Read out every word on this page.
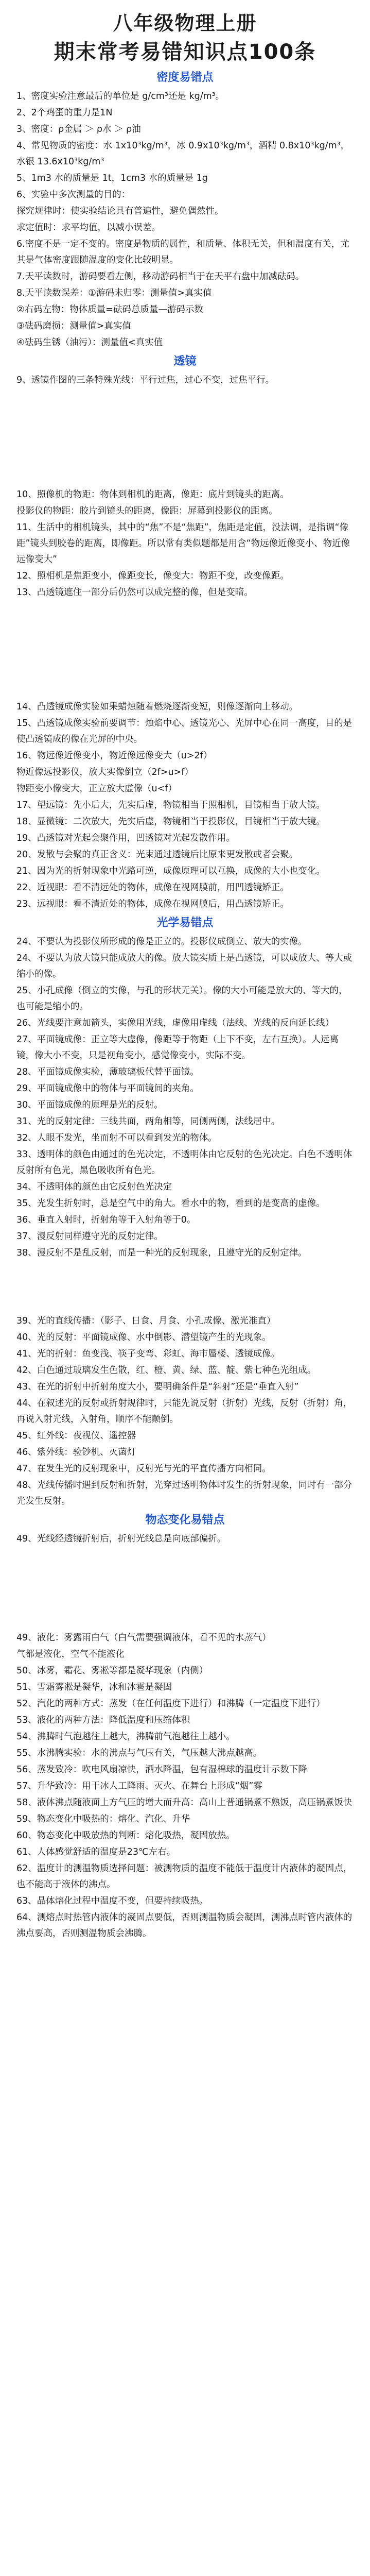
八年级物理上册
期末常考易错知识点100条
密度易错点
1、密度实验注意最后的单位是 g/cm³还是 kg/m³。
2、2个鸡蛋的重力是1N
3、密度：ρ金属 ＞ ρ水 ＞ ρ油
4、常见物质的密度：水 1x10³kg/m³，冰 0.9x10³kg/m³，酒精 0.8x10³kg/m³，水银 13.6x10³kg/m³
5、1m3 水的质量是 1t，1cm3 水的质量是 1g
6、实验中多次测量的目的：
探究规律时：使实验结论具有普遍性，避免偶然性。
求定值时：求平均值，以减小误差。
6.密度不是一定不变的。密度是物质的属性，和质量、体积无关，但和温度有关，尤其是气体密度跟随温度的变化比较明显。
7.天平读数时，游码要看左侧，移动游码相当于在天平右盘中加减砝码。
8.天平读数误差：①游码未归零：测量值>真实值
②右码左物：物体质量=砝码总质量—游码示数
③砝码磨损：测量值>真实值
④砝码生锈（油污）：测量值<真实值
透镜
9、透镜作图的三条特殊光线：平行过焦，过心不变，过焦平行。
10、照像机的物距：物体到相机的距离，像距：底片到镜头的距离。
投影仪的物距：胶片到镜头的距离，像距：屏幕到投影仪的距离。
11、生活中的相机镜头，其中的“焦”不是“焦距”，焦距是定值，没法调，是指调“像距”镜头到胶卷的距离，即像距。所以常有类似题都是用含“物远像近像变小、物近像远像变大”
12、照相机是焦距变小，像距变长，像变大：物距不变，改变像距。
13、凸透镜遮住一部分后仍然可以成完整的像，但是变暗。
14、凸透镜成像实验如果蜡烛随着燃烧逐渐变短，则像逐渐向上移动。
15、凸透镜成像实验前要调节：烛焰中心、透镜光心、光屏中心在同一高度，目的是使凸透镜成的像在光屏的中央。
16、物远像近像变小，物近像远像变大（u>2f）
物近像远投影仪，放大实像倒立（2f>u>f）
物距变小像变大，正立放大虚像（u<f）
17、望远镜：先小后大，先实后虚，物镜相当于照相机，目镜相当于放大镜。
18、显微镜：二次放大，先实后虚，物镜相当于投影仪，目镜相当于放大镜。
19、凸透镜对光起会聚作用，凹透镜对光起发散作用。
20、发散与会聚的真正含义：光束通过透镜后比原来更发散或者会聚。
21、因为光的折射现象中光路可逆，成像原理可以互换，成像的大小也变化。
22、近视眼：看不清远处的物体，成像在视网膜前，用凹透镜矫正。
23、远视眼：看不清近处的物体，成像在视网膜后，用凸透镜矫正。
光学易错点
24、不要认为投影仪所形成的像是正立的。投影仪成倒立、放大的实像。
24、不要认为放大镜只能成放大的像。放大镜实质上是凸透镜，可以成放大、等大或缩小的像。
25、小孔成像（倒立的实像，与孔的形状无关）。像的大小可能是放大的、等大的，也可能是缩小的。
26、光线要注意加箭头，实像用光线，虚像用虚线（法线、光线的反向延长线）
27、平面镜成像：正立等大虚像，像距等于物距（上下不变，左右互换）。人远离镜，像大小不变，只是视角变小，感觉像变小，实际不变。
28、平面镜成像实验，薄玻璃板代替平面镜。
29、平面镜成像中的物体与平面镜间的夹角。
30、平面镜成像的原理是光的反射。
31、光的反射定律：三线共面，两角相等，同侧两侧，法线居中。
32、人眼不发光，坐而射不可以看到发光的物体。
33、透明体的颜色由通过的色光决定，不透明体由它反射的色光决定。白色不透明体反射所有色光，黑色吸收所有色光。
34、不透明体的颜色由它反射色光决定
35、光发生折射时，总是空气中的角大。看水中的物，看到的是变高的虚像。
36、垂直入射时，折射角等于入射角等于0。
37、漫反射同样遵守光的反射定律。
38、漫反射不是乱反射，而是一种光的反射现象，且遵守光的反射定律。
39、光的直线传播：（影子、日食、月食、小孔成像、激光准直）
40、光的反射：平面镜成像、水中倒影、潜望镜产生的光现象。
41、光的折射：鱼变浅、筷子变弯、彩虹、海市蜃楼、透镜成像。
42、白色通过玻璃发生色散，红、橙、黄、绿、蓝、靛、紫七种色光组成。
43、在光的折射中折射角度大小，要明确条件是“斜射”还是“垂直入射”
44、在叙述光的反射或折射规律时，只能先说反射（折射）光线，反射（折射）角，再说入射光线，入射角，顺序不能颠倒。
45、红外线：夜视仪、遥控器
46、紫外线：验钞机、灭菌灯
47、在发生光的反射现象中，反射光与光的平直传播方向相同。
48、光线传播时遇到反射和折射，光穿过透明物体时发生的折射现象，同时有一部分光发生反射。
物态变化易错点
49、光线经透镜折射后，折射光线总是向底部偏折。
49、液化：雾露雨白气（白气需要强调液体，看不见的水蒸气）
气都是液化，空气不能液化
50、冰雾，霜花、雾凇等都是凝华现象（内侧）
51、雪霜雾凇是凝华，冰和冰雹是凝固
52、汽化的两种方式：蒸发（在任何温度下进行）和沸腾（一定温度下进行）
53、液化的两种方法：降低温度和压缩体积
54、沸腾时气泡越往上越大，沸腾前气泡越往上越小。
55、水沸腾实验：水的沸点与气压有关，气压越大沸点越高。
56、蒸发致冷：吹电风扇凉快，洒水降温，包有湿棉球的温度计示数下降
57、升华致冷：用干冰人工降雨、灭火、在舞台上形成“烟”雾
58、液体沸点随液面上方气压的增大而升高：高山上普通锅煮不熟饭，高压锅煮饭快
59、物态变化中吸热的：熔化、汽化、升华
60、物态变化中吸放热的判断：熔化吸热，凝固放热。
61、人体感觉舒适的温度是23℃左右。
62、温度计的测温物质选择问题：被测物质的温度不能低于温度计内液体的凝固点，也不能高于液体的沸点。
63、晶体熔化过程中温度不变，但要持续吸热。
64、测熔点时热管内液体的凝固点要低，否则测温物质会凝固，测沸点时管内液体的沸点要高，否则测温物质会沸腾。
